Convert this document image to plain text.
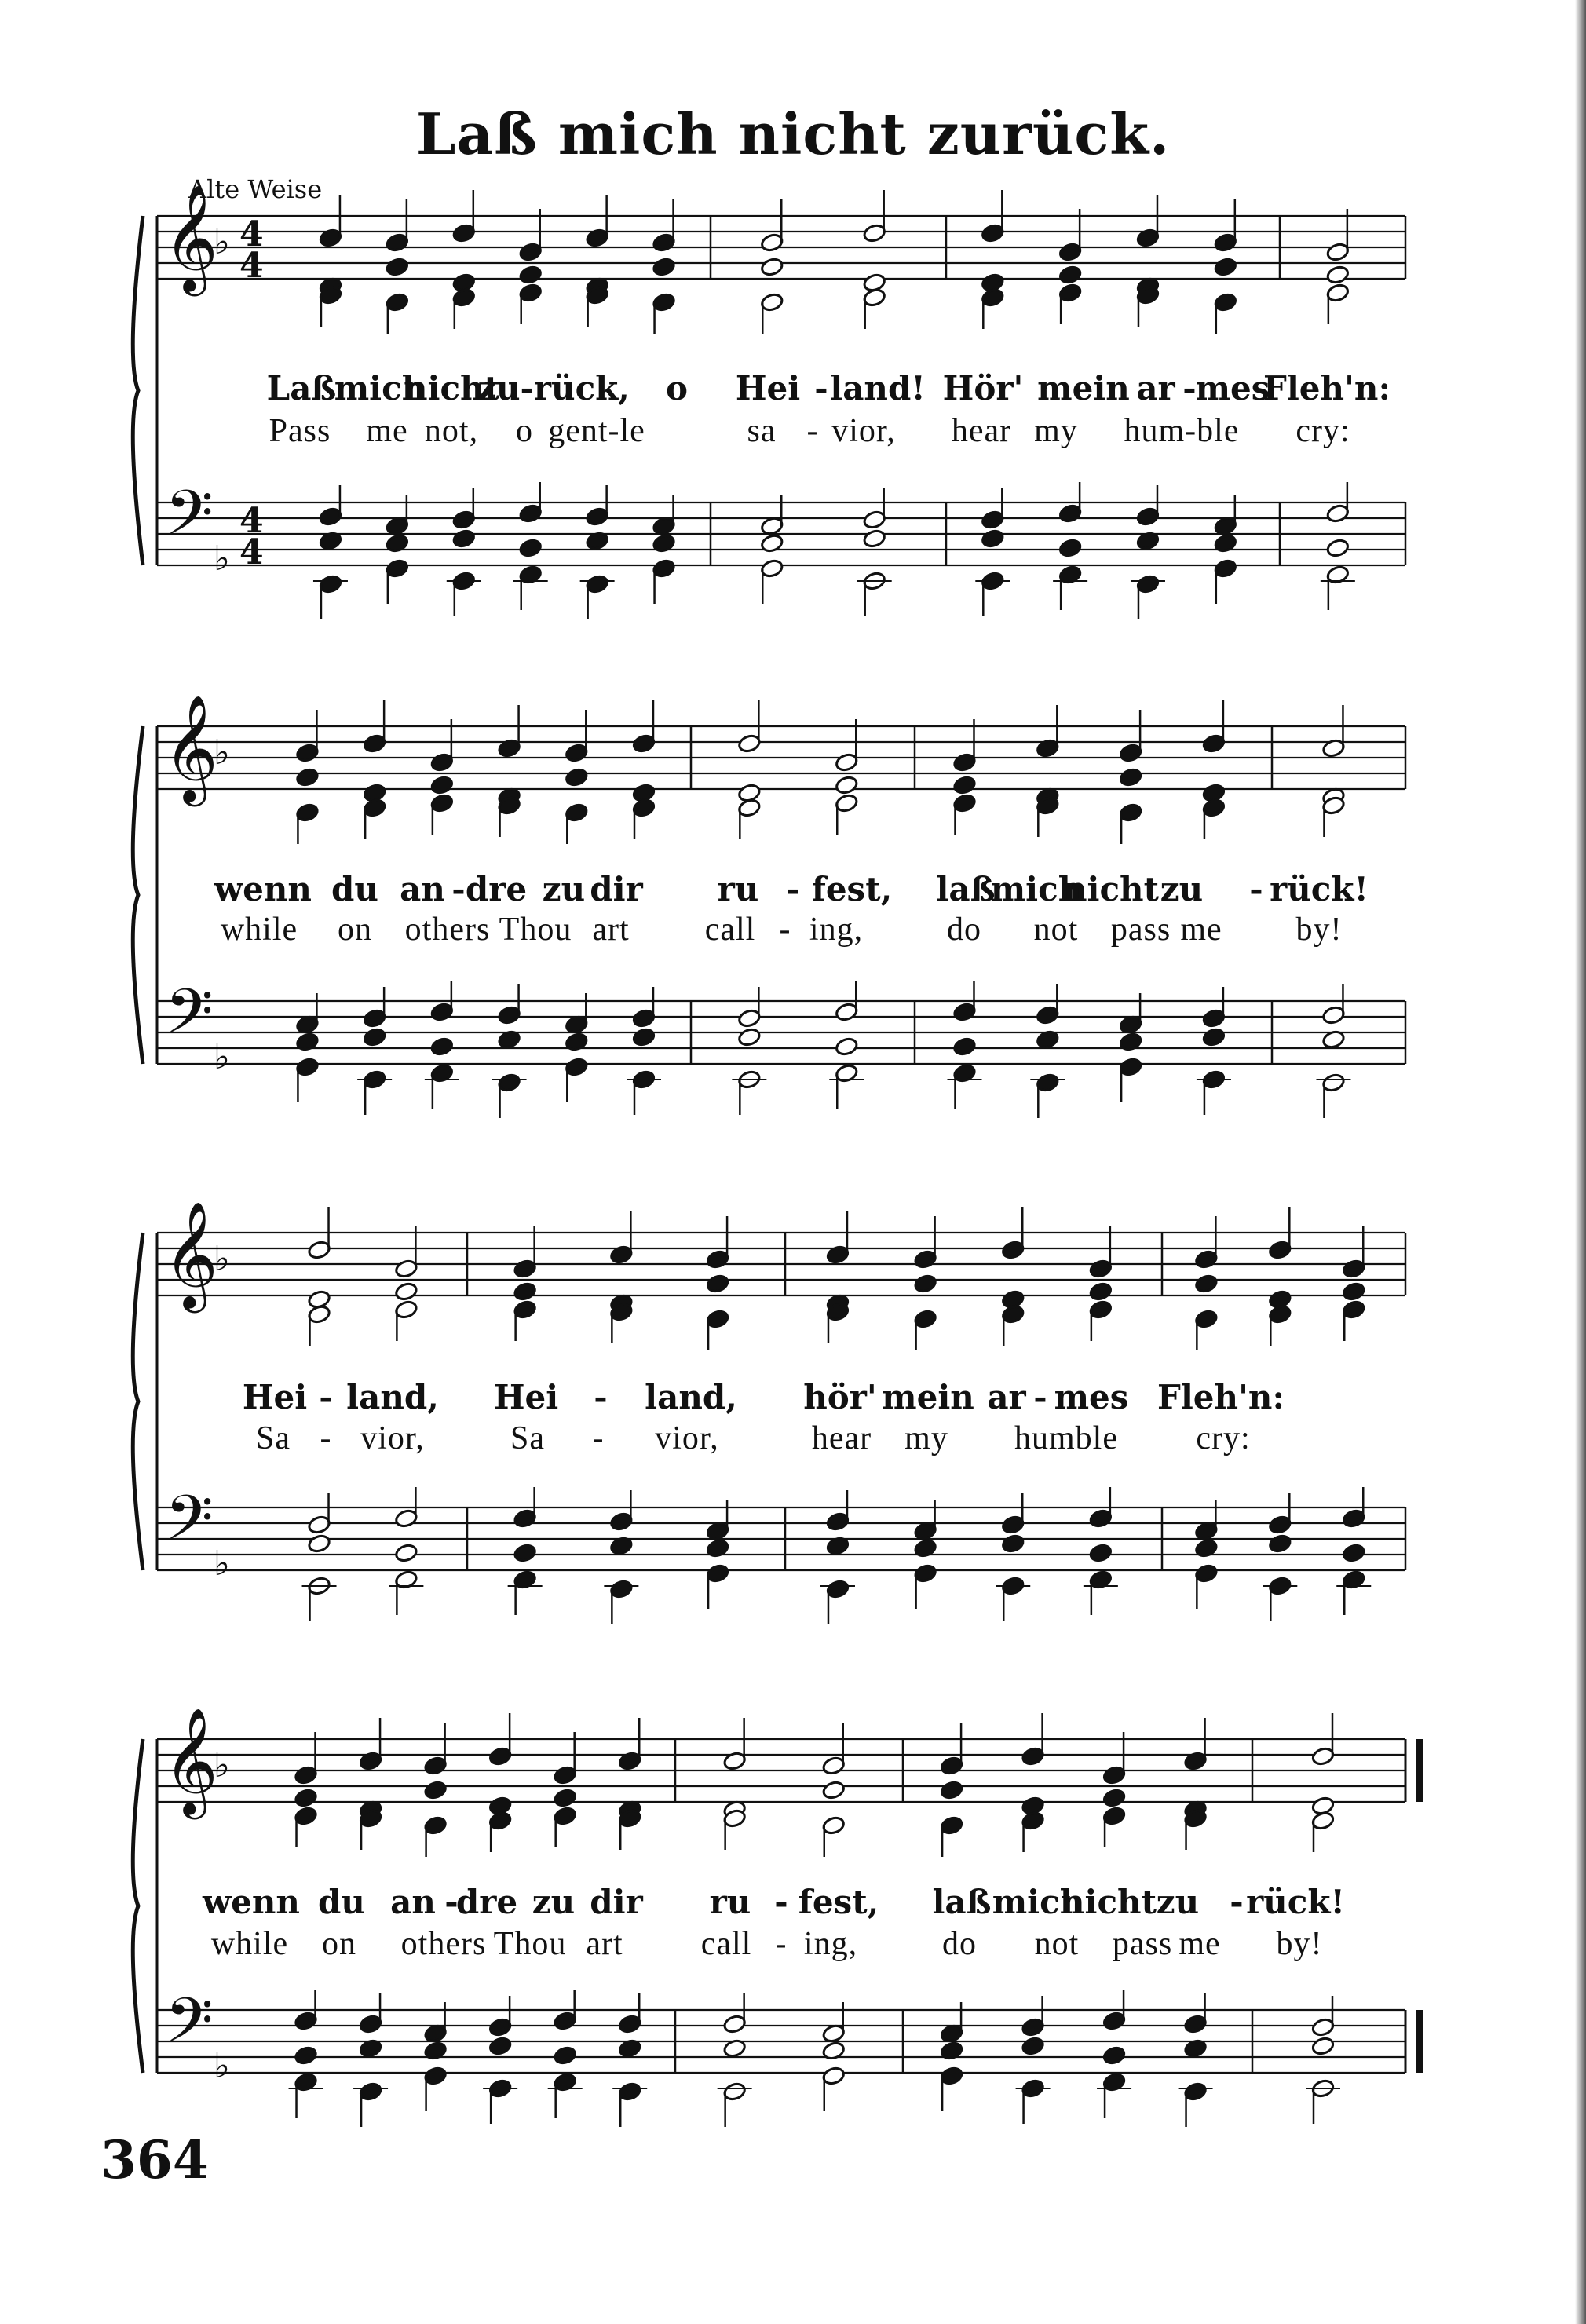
𝄞
𝄢
♭
♭
4
4
4
4
𝄞
𝄢
♭
♭
𝄞
𝄢
♭
♭
𝄞
𝄢
♭
♭
Laß mich nicht zurück.
Alte Weise
Laß
mich
nicht
zu-rück, o Hei - land! Hör' mein ar -
mes
Fleh'n:
Pass me not, o gent-le	sa - vior, hear my hum-ble cry:
wenn du an - dre zu dir ru - fest, laß
mich
nicht zu - rück!
while on others Thou art call - ing,	do not pass me by!
Hei - land, Hei - land, hör' mein ar - mes Fleh'n:
Sa - vior,	Sa - vior,	hear my humble cry:
wenn du an -
dre zu dir ru - fest, laß mich
nicht zu - rück!
while on others Thou art call - ing,	do not pass me by!
364
